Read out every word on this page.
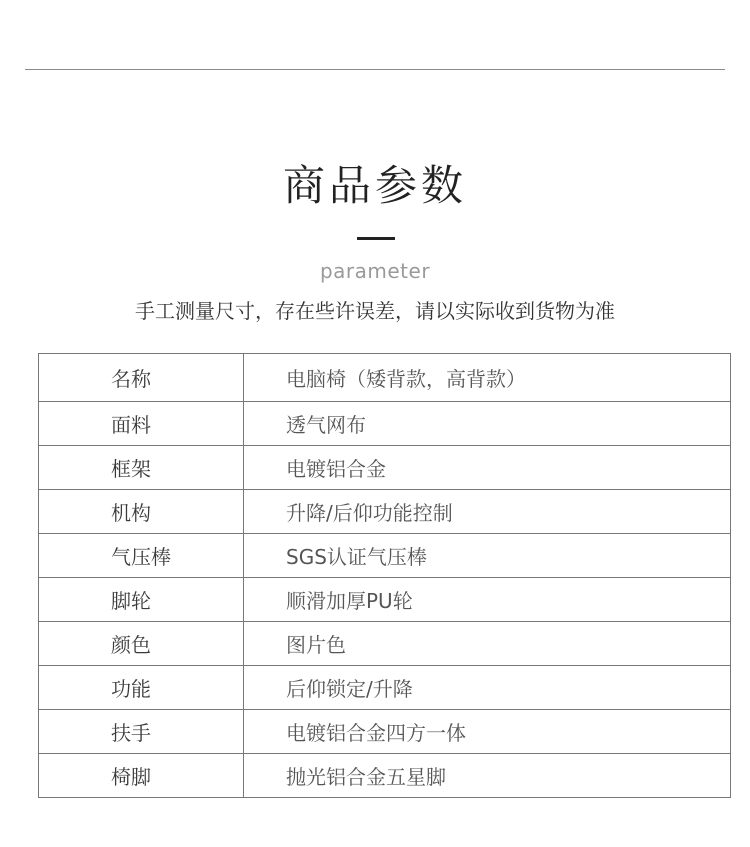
商品参数
parameter
手工测量尺寸，存在些许误差，请以实际收到货物为准
名称	电脑椅（矮背款，高背款）
面料	透气网布
框架	电镀铝合金
机构	升降/后仰功能控制
气压棒	SGS认证气压棒
脚轮	顺滑加厚PU轮
颜色	图片色
功能	后仰锁定/升降
扶手	电镀铝合金四方一体
椅脚	抛光铝合金五星脚
